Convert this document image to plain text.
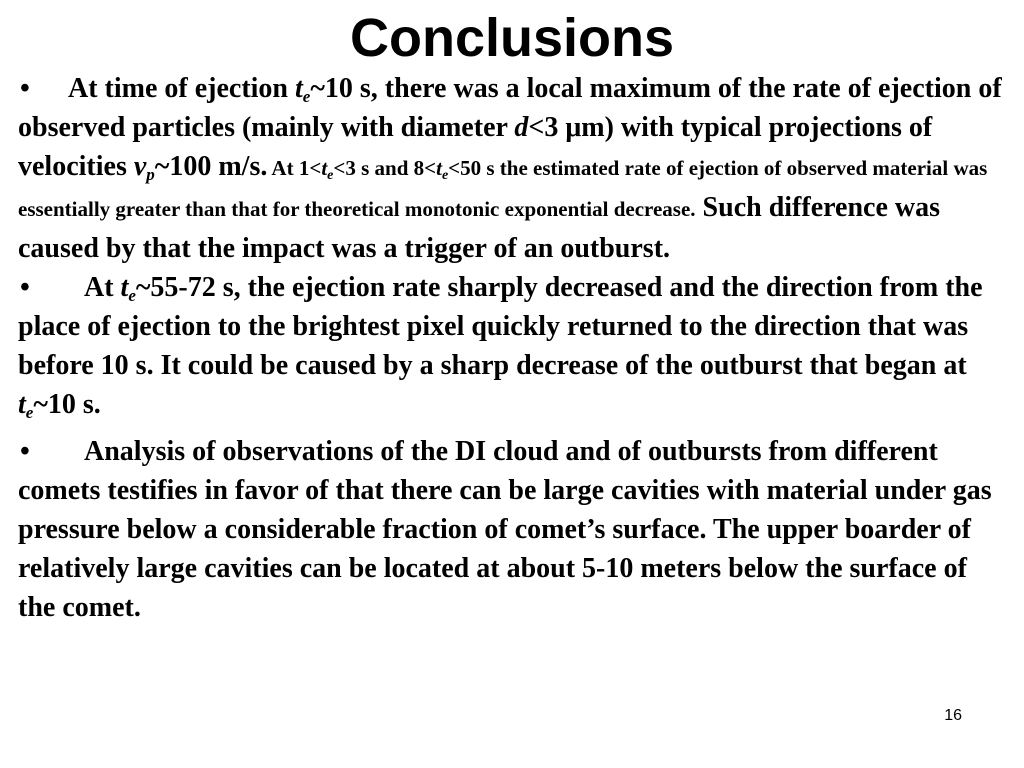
Conclusions

• At time of ejection $t_e\sim 10$ s, there was a local maximum of the rate of ejection of observed particles (mainly with diameter d<3 μm) with typical projections of velocities $v_p\sim 100$ m/s. At $1<t_e<3$ s and $8<t_e<50$ s the estimated rate of ejection of observed material was essentially greater than that for theoretical monotonic exponential decrease. Such difference was caused by that the impact was a trigger of an outburst.

• At $t_e\sim 55-72$ s, the ejection rate sharply decreased and the direction from the place of ejection to the brightest pixel quickly returned to the direction that was before 10 s. It could be caused by a sharp decrease of the outburst that began at $t_e\sim 10$ s.

• Analysis of observations of the DI cloud and of outbursts from different comets testifies in favor of that there can be large cavities with material under gas pressure below a considerable fraction of comet’s surface. The upper boarder of relatively large cavities can be located at about 5-10 meters below the surface of the comet.

16
